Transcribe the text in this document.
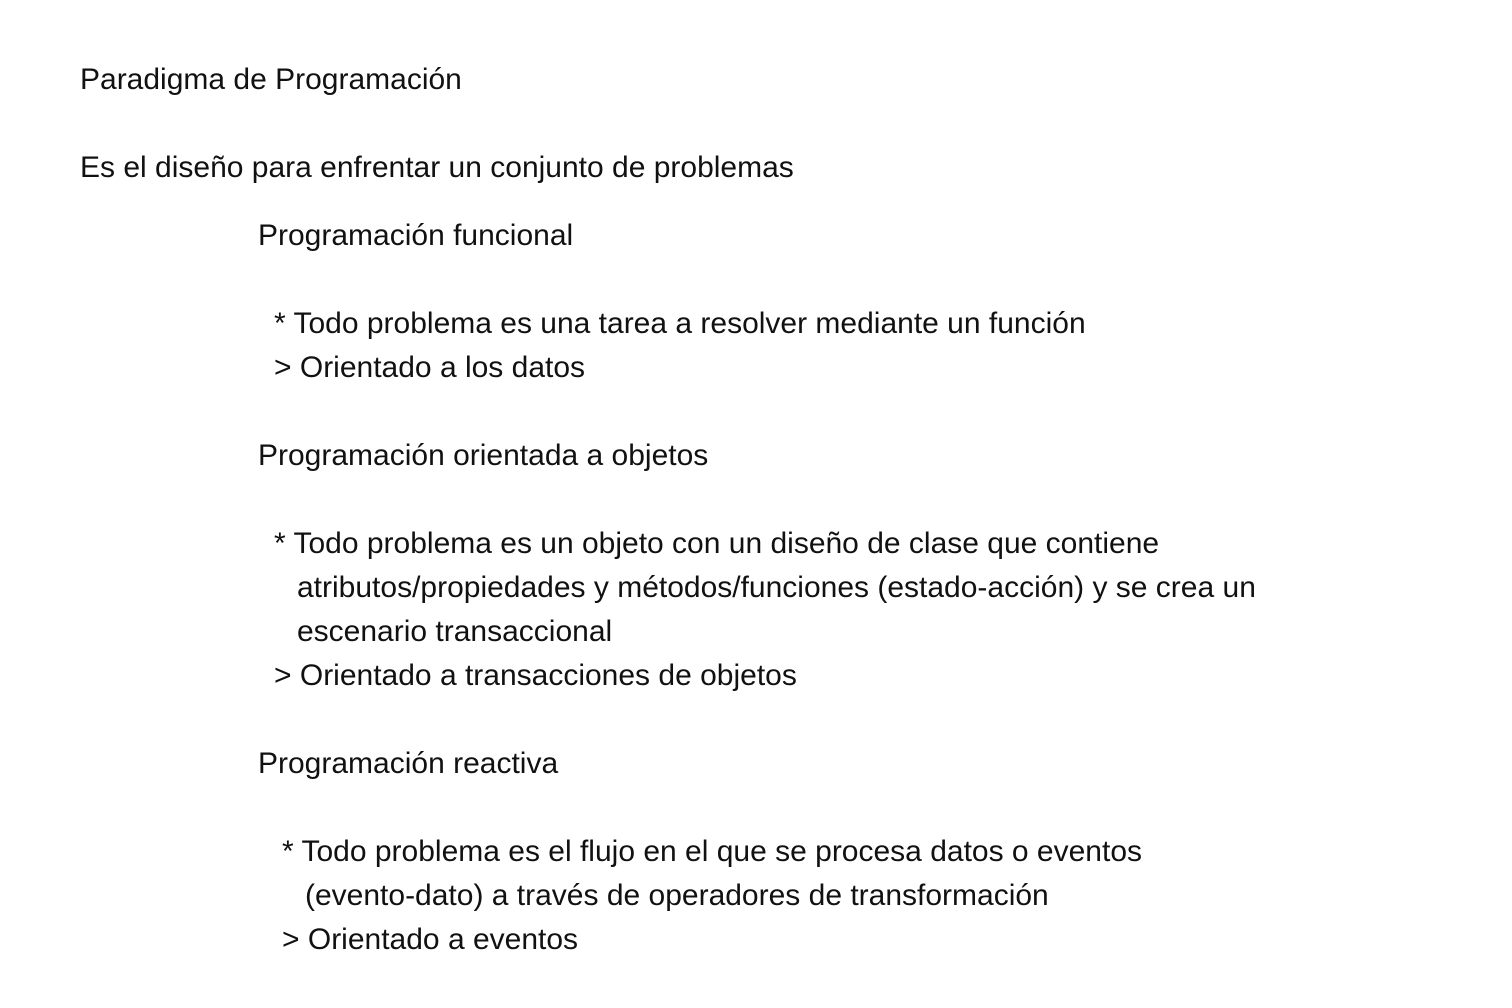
Paradigma de Programación
Es el diseño para enfrentar un conjunto de problemas
Programación funcional
* Todo problema es una tarea a resolver mediante un función
> Orientado a los datos
Programación orientada a objetos
* Todo problema es un objeto con un diseño de clase que contiene
atributos/propiedades y métodos/funciones (estado-acción) y se crea un
escenario transaccional
> Orientado a transacciones de objetos
Programación reactiva
* Todo problema es el flujo en el que se procesa datos o eventos
(evento-dato) a través de operadores de transformación
> Orientado a eventos
